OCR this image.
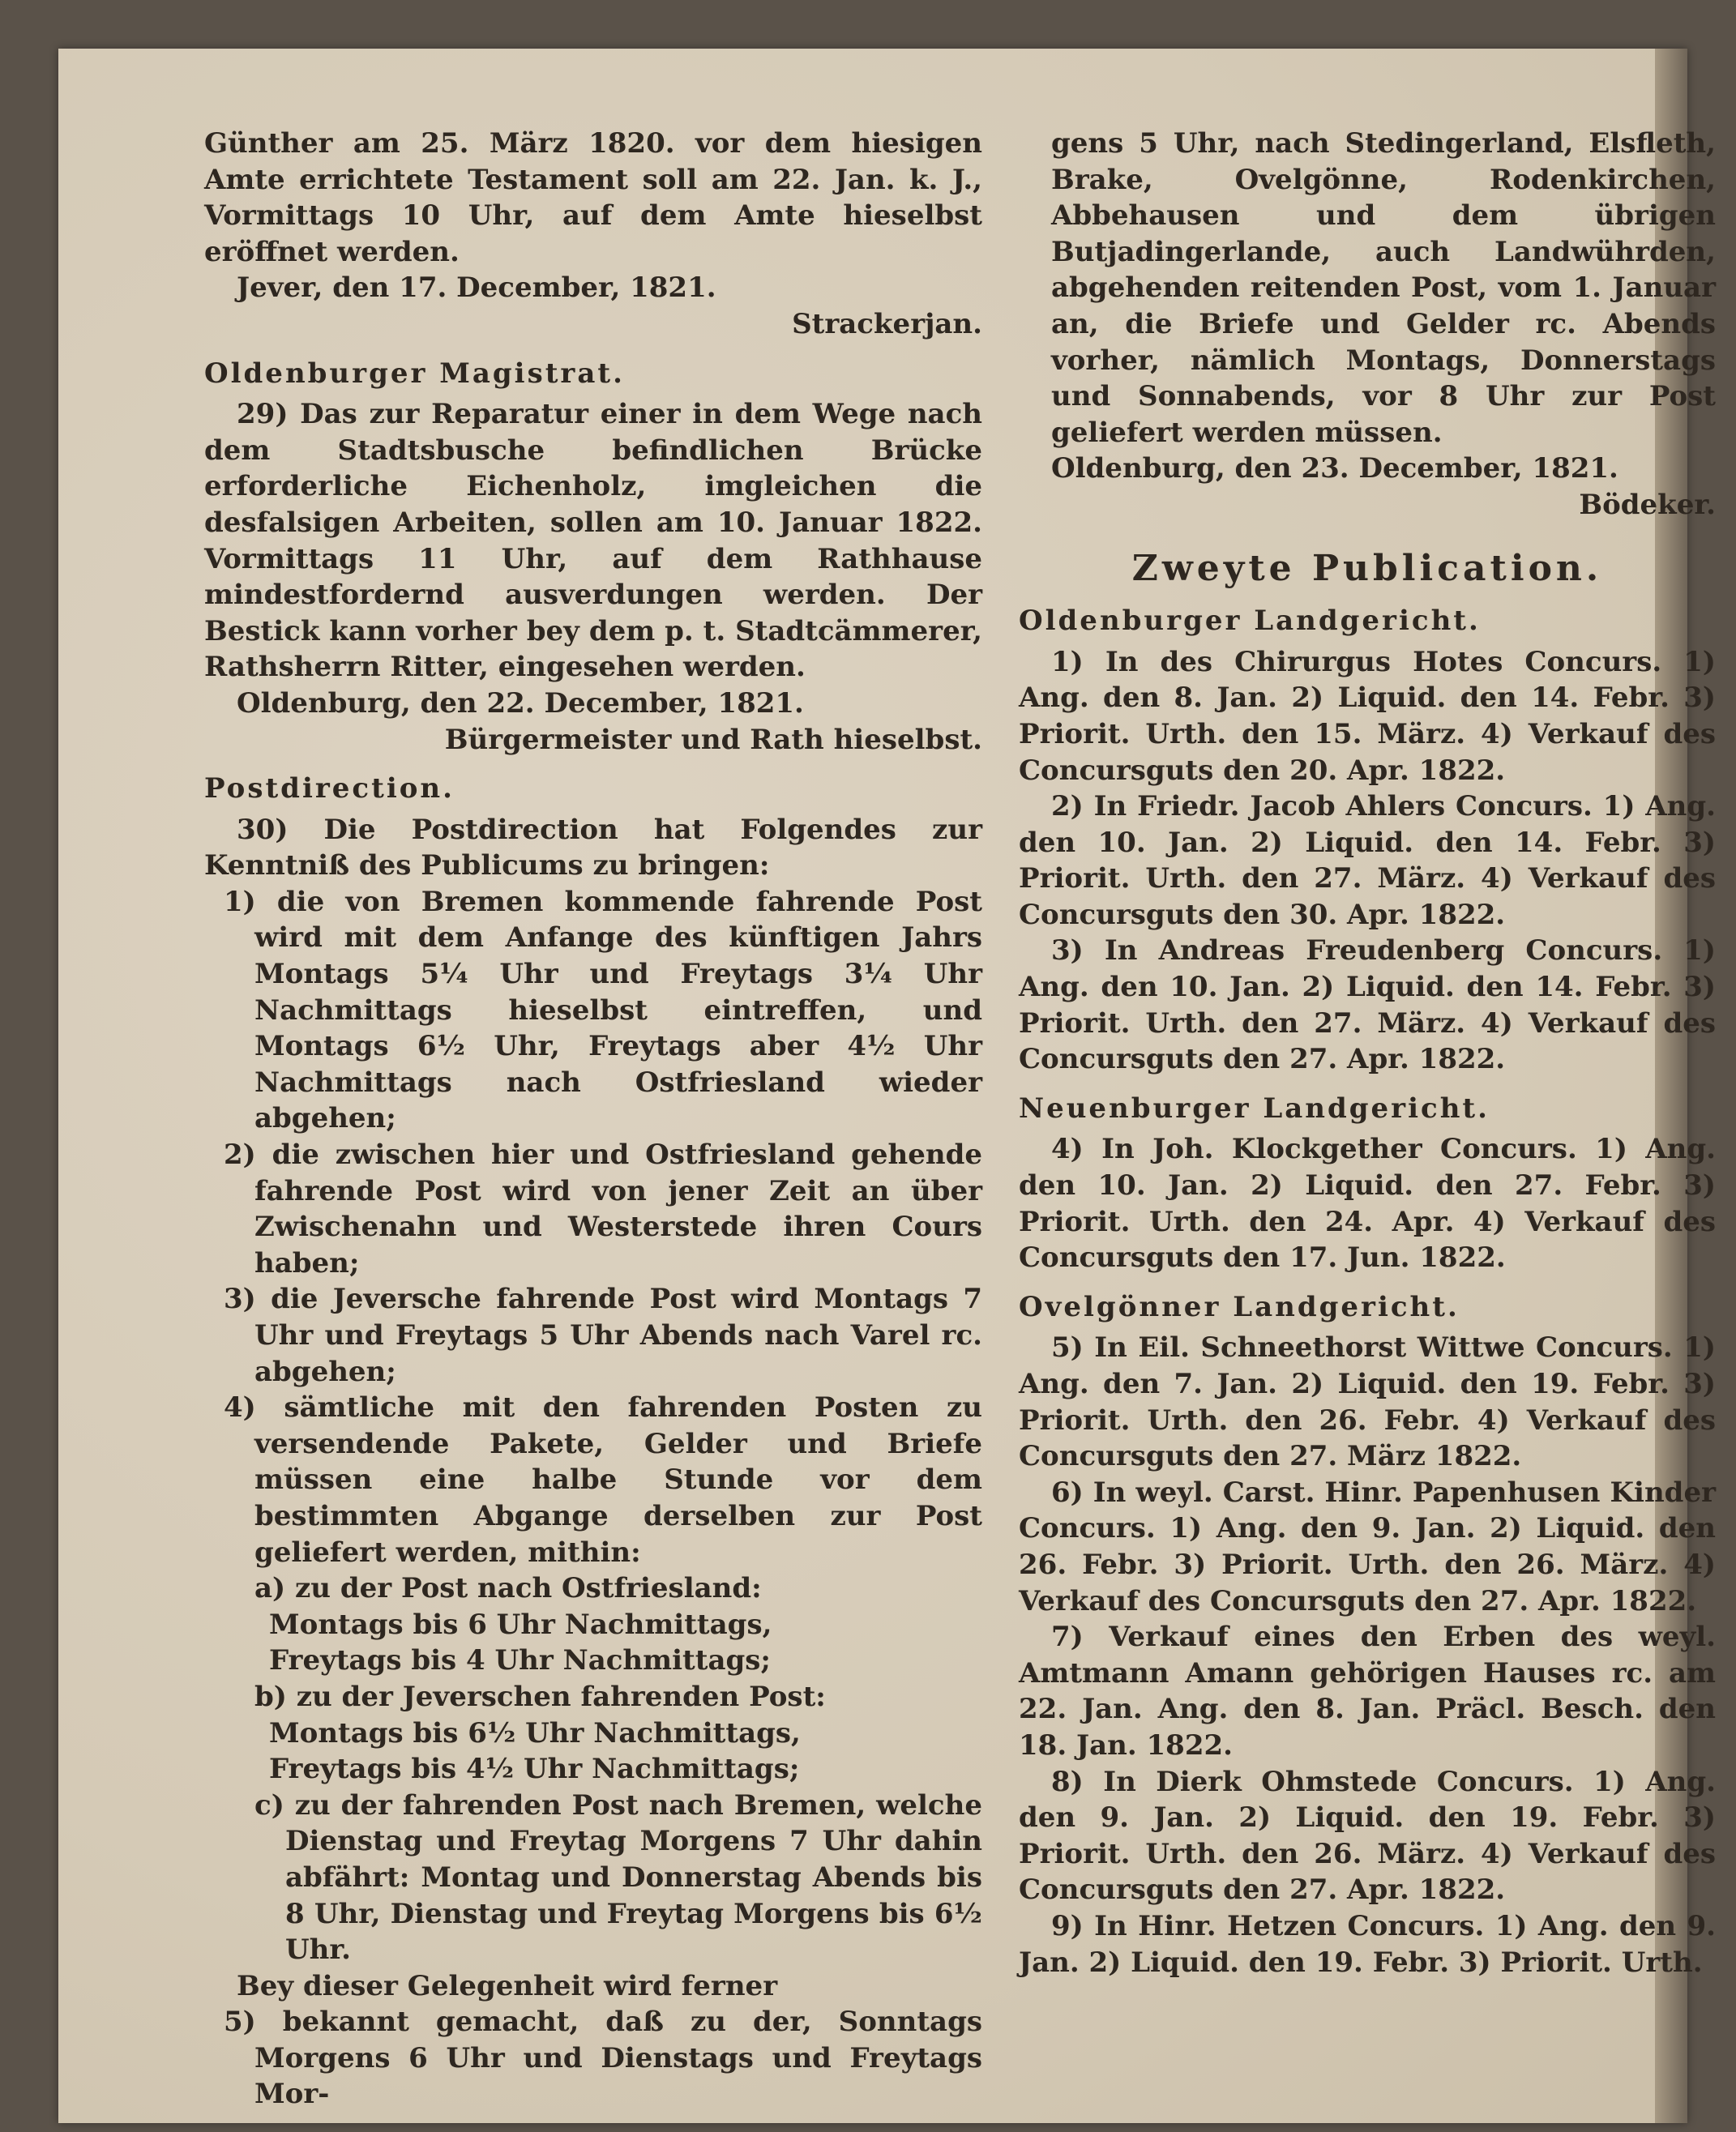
Günther am 25. März 1820. vor dem hiesigen Amte errichtete Testament soll am 22. Jan. k. J., Vormittags 10 Uhr, auf dem Amte hieselbst eröffnet werden.

Jever, den 17. December, 1821.

Strackerjan.

Oldenburger Magistrat.

29) Das zur Reparatur einer in dem Wege nach dem Stadtsbusche befindlichen Brücke erforderliche Eichenholz, imgleichen die desfalsigen Arbeiten, sollen am 10. Januar 1822. Vormittags 11 Uhr, auf dem Rathhause mindestfordernd ausverdungen werden. Der Bestick kann vorher bey dem p. t. Stadtcämmerer, Rathsherrn Ritter, eingesehen werden.

Oldenburg, den 22. December, 1821.

Bürgermeister und Rath hieselbst.

Postdirection.

30) Die Postdirection hat Folgendes zur Kenntniß des Publicums zu bringen:

1) die von Bremen kommende fahrende Post wird mit dem Anfange des künftigen Jahrs Montags 5¼ Uhr und Freytags 3¼ Uhr Nachmittags hieselbst eintreffen, und Montags 6½ Uhr, Freytags aber 4½ Uhr Nachmittags nach Ostfriesland wieder abgehen;

2) die zwischen hier und Ostfriesland gehende fahrende Post wird von jener Zeit an über Zwischenahn und Westerstede ihren Cours haben;

3) die Jeversche fahrende Post wird Montags 7 Uhr und Freytags 5 Uhr Abends nach Varel rc. abgehen;

4) sämtliche mit den fahrenden Posten zu versendende Pakete, Gelder und Briefe müssen eine halbe Stunde vor dem bestimmten Abgange derselben zur Post geliefert werden, mithin:

a) zu der Post nach Ostfriesland:

Montags bis 6 Uhr Nachmittags,

Freytags bis 4 Uhr Nachmittags;

b) zu der Jeverschen fahrenden Post:

Montags bis 6½ Uhr Nachmittags,

Freytags bis 4½ Uhr Nachmittags;

c) zu der fahrenden Post nach Bremen, welche Dienstag und Freytag Morgens 7 Uhr dahin abfährt: Montag und Donnerstag Abends bis 8 Uhr, Dienstag und Freytag Morgens bis 6½ Uhr.

Bey dieser Gelegenheit wird ferner

5) bekannt gemacht, daß zu der, Sonntags Morgens 6 Uhr und Dienstags und Freytags Mor-

gens 5 Uhr, nach Stedingerland, Elsfleth, Brake, Ovelgönne, Rodenkirchen, Abbehausen und dem übrigen Butjadingerlande, auch Landwührden, abgehenden reitenden Post, vom 1. Januar an, die Briefe und Gelder rc. Abends vorher, nämlich Montags, Donnerstags und Sonnabends, vor 8 Uhr zur Post geliefert werden müssen.

Oldenburg, den 23. December, 1821.

Bödeker.

Zweyte Publication.

Oldenburger Landgericht.

1) In des Chirurgus Hotes Concurs. 1) Ang. den 8. Jan. 2) Liquid. den 14. Febr. 3) Priorit. Urth. den 15. März. 4) Verkauf des Concursguts den 20. Apr. 1822.

2) In Friedr. Jacob Ahlers Concurs. 1) Ang. den 10. Jan. 2) Liquid. den 14. Febr. 3) Priorit. Urth. den 27. März. 4) Verkauf des Concursguts den 30. Apr. 1822.

3) In Andreas Freudenberg Concurs. 1) Ang. den 10. Jan. 2) Liquid. den 14. Febr. 3) Priorit. Urth. den 27. März. 4) Verkauf des Concursguts den 27. Apr. 1822.

Neuenburger Landgericht.

4) In Joh. Klockgether Concurs. 1) Ang. den 10. Jan. 2) Liquid. den 27. Febr. 3) Priorit. Urth. den 24. Apr. 4) Verkauf des Concursguts den 17. Jun. 1822.

Ovelgönner Landgericht.

5) In Eil. Schneethorst Wittwe Concurs. 1) Ang. den 7. Jan. 2) Liquid. den 19. Febr. 3) Priorit. Urth. den 26. Febr. 4) Verkauf des Concursguts den 27. März 1822.

6) In weyl. Carst. Hinr. Papenhusen Kinder Concurs. 1) Ang. den 9. Jan. 2) Liquid. den 26. Febr. 3) Priorit. Urth. den 26. März. 4) Verkauf des Concursguts den 27. Apr. 1822.

7) Verkauf eines den Erben des weyl. Amtmann Amann gehörigen Hauses rc. am 22. Jan. Ang. den 8. Jan. Präcl. Besch. den 18. Jan. 1822.

8) In Dierk Ohmstede Concurs. 1) Ang. den 9. Jan. 2) Liquid. den 19. Febr. 3) Priorit. Urth. den 26. März. 4) Verkauf des Concursguts den 27. Apr. 1822.

9) In Hinr. Hetzen Concurs. 1) Ang. den 9. Jan. 2) Liquid. den 19. Febr. 3) Priorit. Urth.
